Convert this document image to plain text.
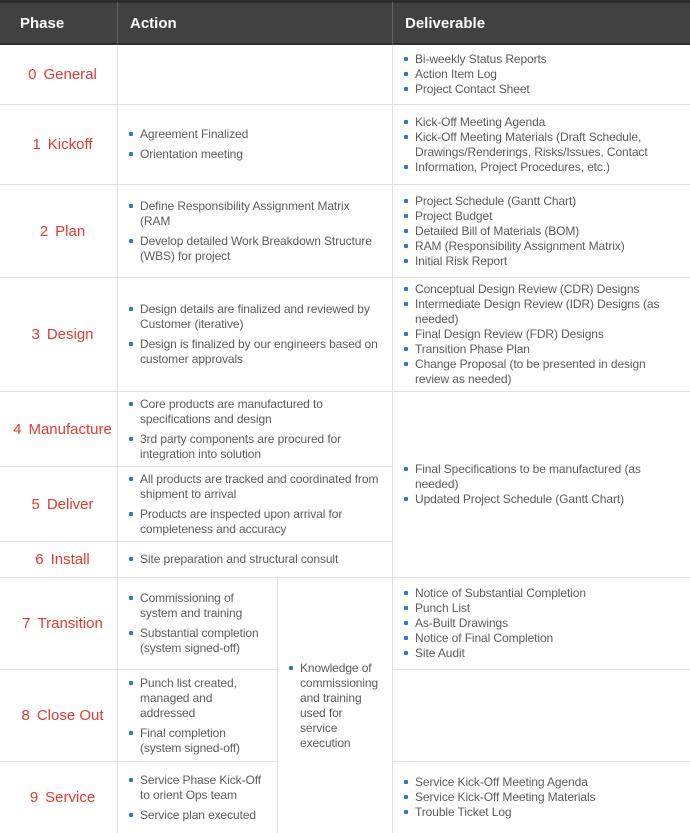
Phase	Action	Deliverable
0 General
1 Kickoff
2 Plan
3 Design
4 Manufacture
5 Deliver
6 Install
7 Transition
8 Close Out
9 Service
Agreement Finalized
Orientation meeting
Define Responsibility Assignment Matrix (RAM
Develop detailed Work Breakdown Structure (WBS) for project
Design details are finalized and reviewed by Customer (iterative)
Design is finalized by our engineers based on customer approvals
Core products are manufactured to specifications and design
3rd party components are procured for integration into solution
All products are tracked and coordinated from shipment to arrival
Products are inspected upon arrival for completeness and accuracy
Site preparation and structural consult
Commissioning of system and training
Substantial completion (system signed-off)
Punch list created, managed and addressed
Final completion (system signed-off)
Service Phase Kick-Off to orient Ops team
Service plan executed
Knowledge of commissioning and training used for service execution
Bi-weekly Status Reports
Action Item Log
Project Contact Sheet
Kick-Off Meeting Agenda
Kick-Off Meeting Materials (Draft Schedule, Drawings/Renderings, Risks/Issues, Contact
Information, Project Procedures, etc.)
Project Schedule (Gantt Chart)
Project Budget
Detailed Bill of Materials (BOM)
RAM (Responsibility Assignment Matrix)
Initial Risk Report
Conceptual Design Review (CDR) Designs
Intermediate Design Review (IDR) Designs (as needed)
Final Design Review (FDR) Designs
Transition Phase Plan
Change Proposal (to be presented in design review as needed)
Final Specifications to be manufactured (as needed)
Updated Project Schedule (Gantt Chart)
Notice of Substantial Completion
Punch List
As-Built Drawings
Notice of Final Completion
Site Audit
Service Kick-Off Meeting Agenda
Service Kick-Off Meeting Materials
Trouble Ticket Log
